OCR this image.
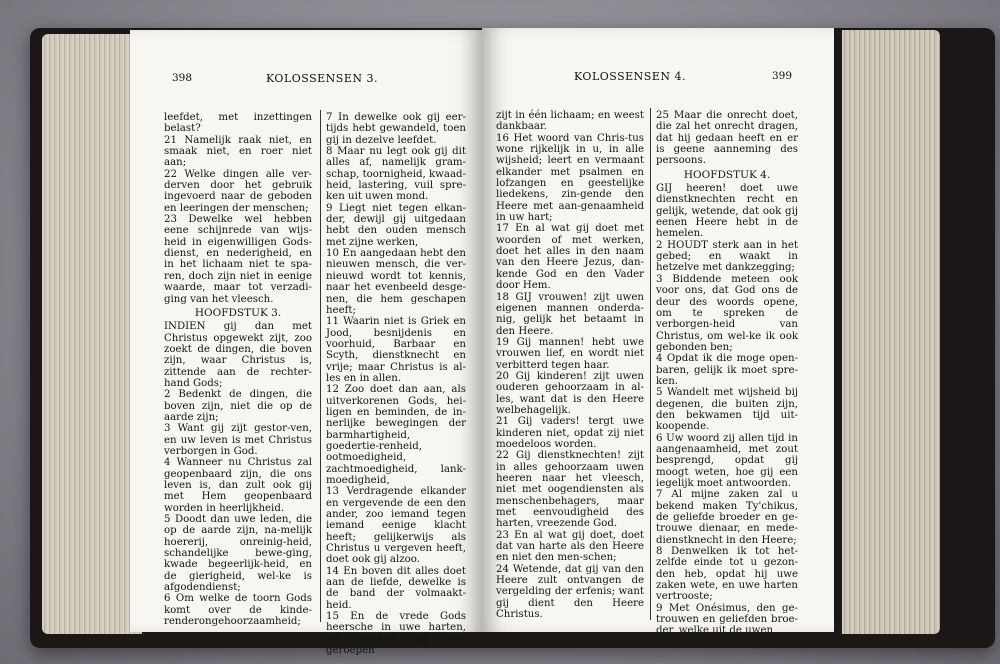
398	KOLOSSENSEN 3.

leefdet, met inzettingen belast?

21 Namelijk raak niet, en smaak niet, en roer niet aan;

22 Welke dingen alle ver-derven door het gebruik ingevoerd naar de geboden en leeringen der menschen;

23 Dewelke wel hebben eene schijnrede van wijs-heid in eigenwilligen Gods-dienst, en nederigheid, en in het lichaam niet te spa-ren, doch zijn niet in eenige waarde, maar tot verzadi-ging van het vleesch.

HOOFDSTUK 3.

INDIEN gij dan met Christus opgewekt zijt, zoo zoekt de dingen, die boven zijn, waar Christus is, zittende aan de rechter-hand Gods;

2 Bedenkt de dingen, die boven zijn, niet die op de aarde zijn;

3 Want gij zijt gestor-ven, en uw leven is met Christus verborgen in God.

4 Wanneer nu Christus zal geopenbaard zijn, die ons leven is, dan zult ook gij met Hem geopenbaard worden in heerlijkheid.

5 Doodt dan uwe leden, die op de aarde zijn, na-melijk hoererij, onreinig-heid, schandelijke bewe-ging, kwade begeerlijk-heid, en de gierigheid, wel-ke is afgodendienst;

6 Om welke de toorn Gods komt over de kinde-renderongehoorzaamheid;

7 In dewelke ook gij eer-tijds hebt gewandeld, toen gij in dezelve leefdet.

8 Maar nu legt ook gij dit alles af, namelijk gram-schap, toornigheid, kwaad-heid, lastering, vuil spre-ken uit uwen mond.

9 Liegt niet tegen elkan-der, dewijl gij uitgedaan hebt den ouden mensch met zijne werken,

10 En aangedaan hebt den nieuwen mensch, die ver-nieuwd wordt tot kennis, naar het evenbeeld desge-nen, die hem geschapen heeft;

11 Waarin niet is Griek en Jood, besnijdenis en voorhuid, Barbaar en Scyth, dienstknecht en vrije; maar Christus is al-les en in allen.

12 Zoo doet dan aan, als uitverkorenen Gods, hei-ligen en beminden, de in-nerlijke bewegingen der barmhartigheid, goedertie-renheid, ootmoedigheid, zachtmoedigheid, lank-moedigheid,

13 Verdragende elkander en vergevende de een den ander, zoo iemand tegen iemand eenige klacht heeft; gelijkerwijs als Christus u vergeven heeft, doet ook gij alzoo.

14 En boven dit alles doet aan de liefde, dewelke is de band der volmaakt-heid.

15 En de vrede Gods heersche in uwe harten, tot welken gij ook geroepen

KOLOSSENSEN 4.	399

zijt in één lichaam; en weest dankbaar.

16 Het woord van Chris-tus wone rijkelijk in u, in alle wijsheid; leert en vermaant elkander met psalmen en lofzangen en geestelijke liedekens, zin-gende den Heere met aan-genaamheid in uw hart;

17 En al wat gij doet met woorden of met werken, doet het alles in den naam van den Heere Jezus, dan-kende God en den Vader door Hem.

18 GIJ vrouwen! zijt uwen eigenen mannen onderda-nig, gelijk het betaamt in den Heere.

19 Gij mannen! hebt uwe vrouwen lief, en wordt niet verbitterd tegen haar.

20 Gij kinderen! zijt uwen ouderen gehoorzaam in al-les, want dat is den Heere welbehagelijk.

21 Gij vaders! tergt uwe kinderen niet, opdat zij niet moedeloos worden.

22 Gij dienstknechten! zijt in alles gehoorzaam uwen heeren naar het vleesch, niet met oogendiensten als menschenbehagers, maar met eenvoudigheid des harten, vreezende God.

23 En al wat gij doet, doet dat van harte als den Heere en niet den men-schen;

24 Wetende, dat gij van den Heere zult ontvangen de vergelding der erfenis; want gij dient den Heere Christus.

25 Maar die onrecht doet, die zal het onrecht dragen, dat hij gedaan heeft en er is geene aanneming des persoons.

HOOFDSTUK 4.

GIJ heeren! doet uwe dienstknechten recht en gelijk, wetende, dat ook gij eenen Heere hebt in de hemelen.

2 HOUDT sterk aan in het gebed; en waakt in hetzelve met dankzegging;

3 Biddende meteen ook voor ons, dat God ons de deur des woords opene, om te spreken de verborgen-heid van Christus, om wel-ke ik ook gebonden ben;

4 Opdat ik die moge open-baren, gelijk ik moet spre-ken.

5 Wandelt met wijsheid bij degenen, die buiten zijn, den bekwamen tijd uit-koopende.

6 Uw woord zij allen tijd in aangenaamheid, met zout besprengd, opdat gij moogt weten, hoe gij een iegelijk moet antwoorden.

7 Al mijne zaken zal u bekend maken Ty'chikus, de geliefde broeder en ge-trouwe dienaar, en mede-dienstknecht in den Heere;

8 Denwelken ik tot het-zelfde einde tot u gezon-den heb, opdat hij uwe zaken wete, en uwe harten vertrooste;

9 Met Onésimus, den ge-trouwen en geliefden broe-der, welke uit de uwen
